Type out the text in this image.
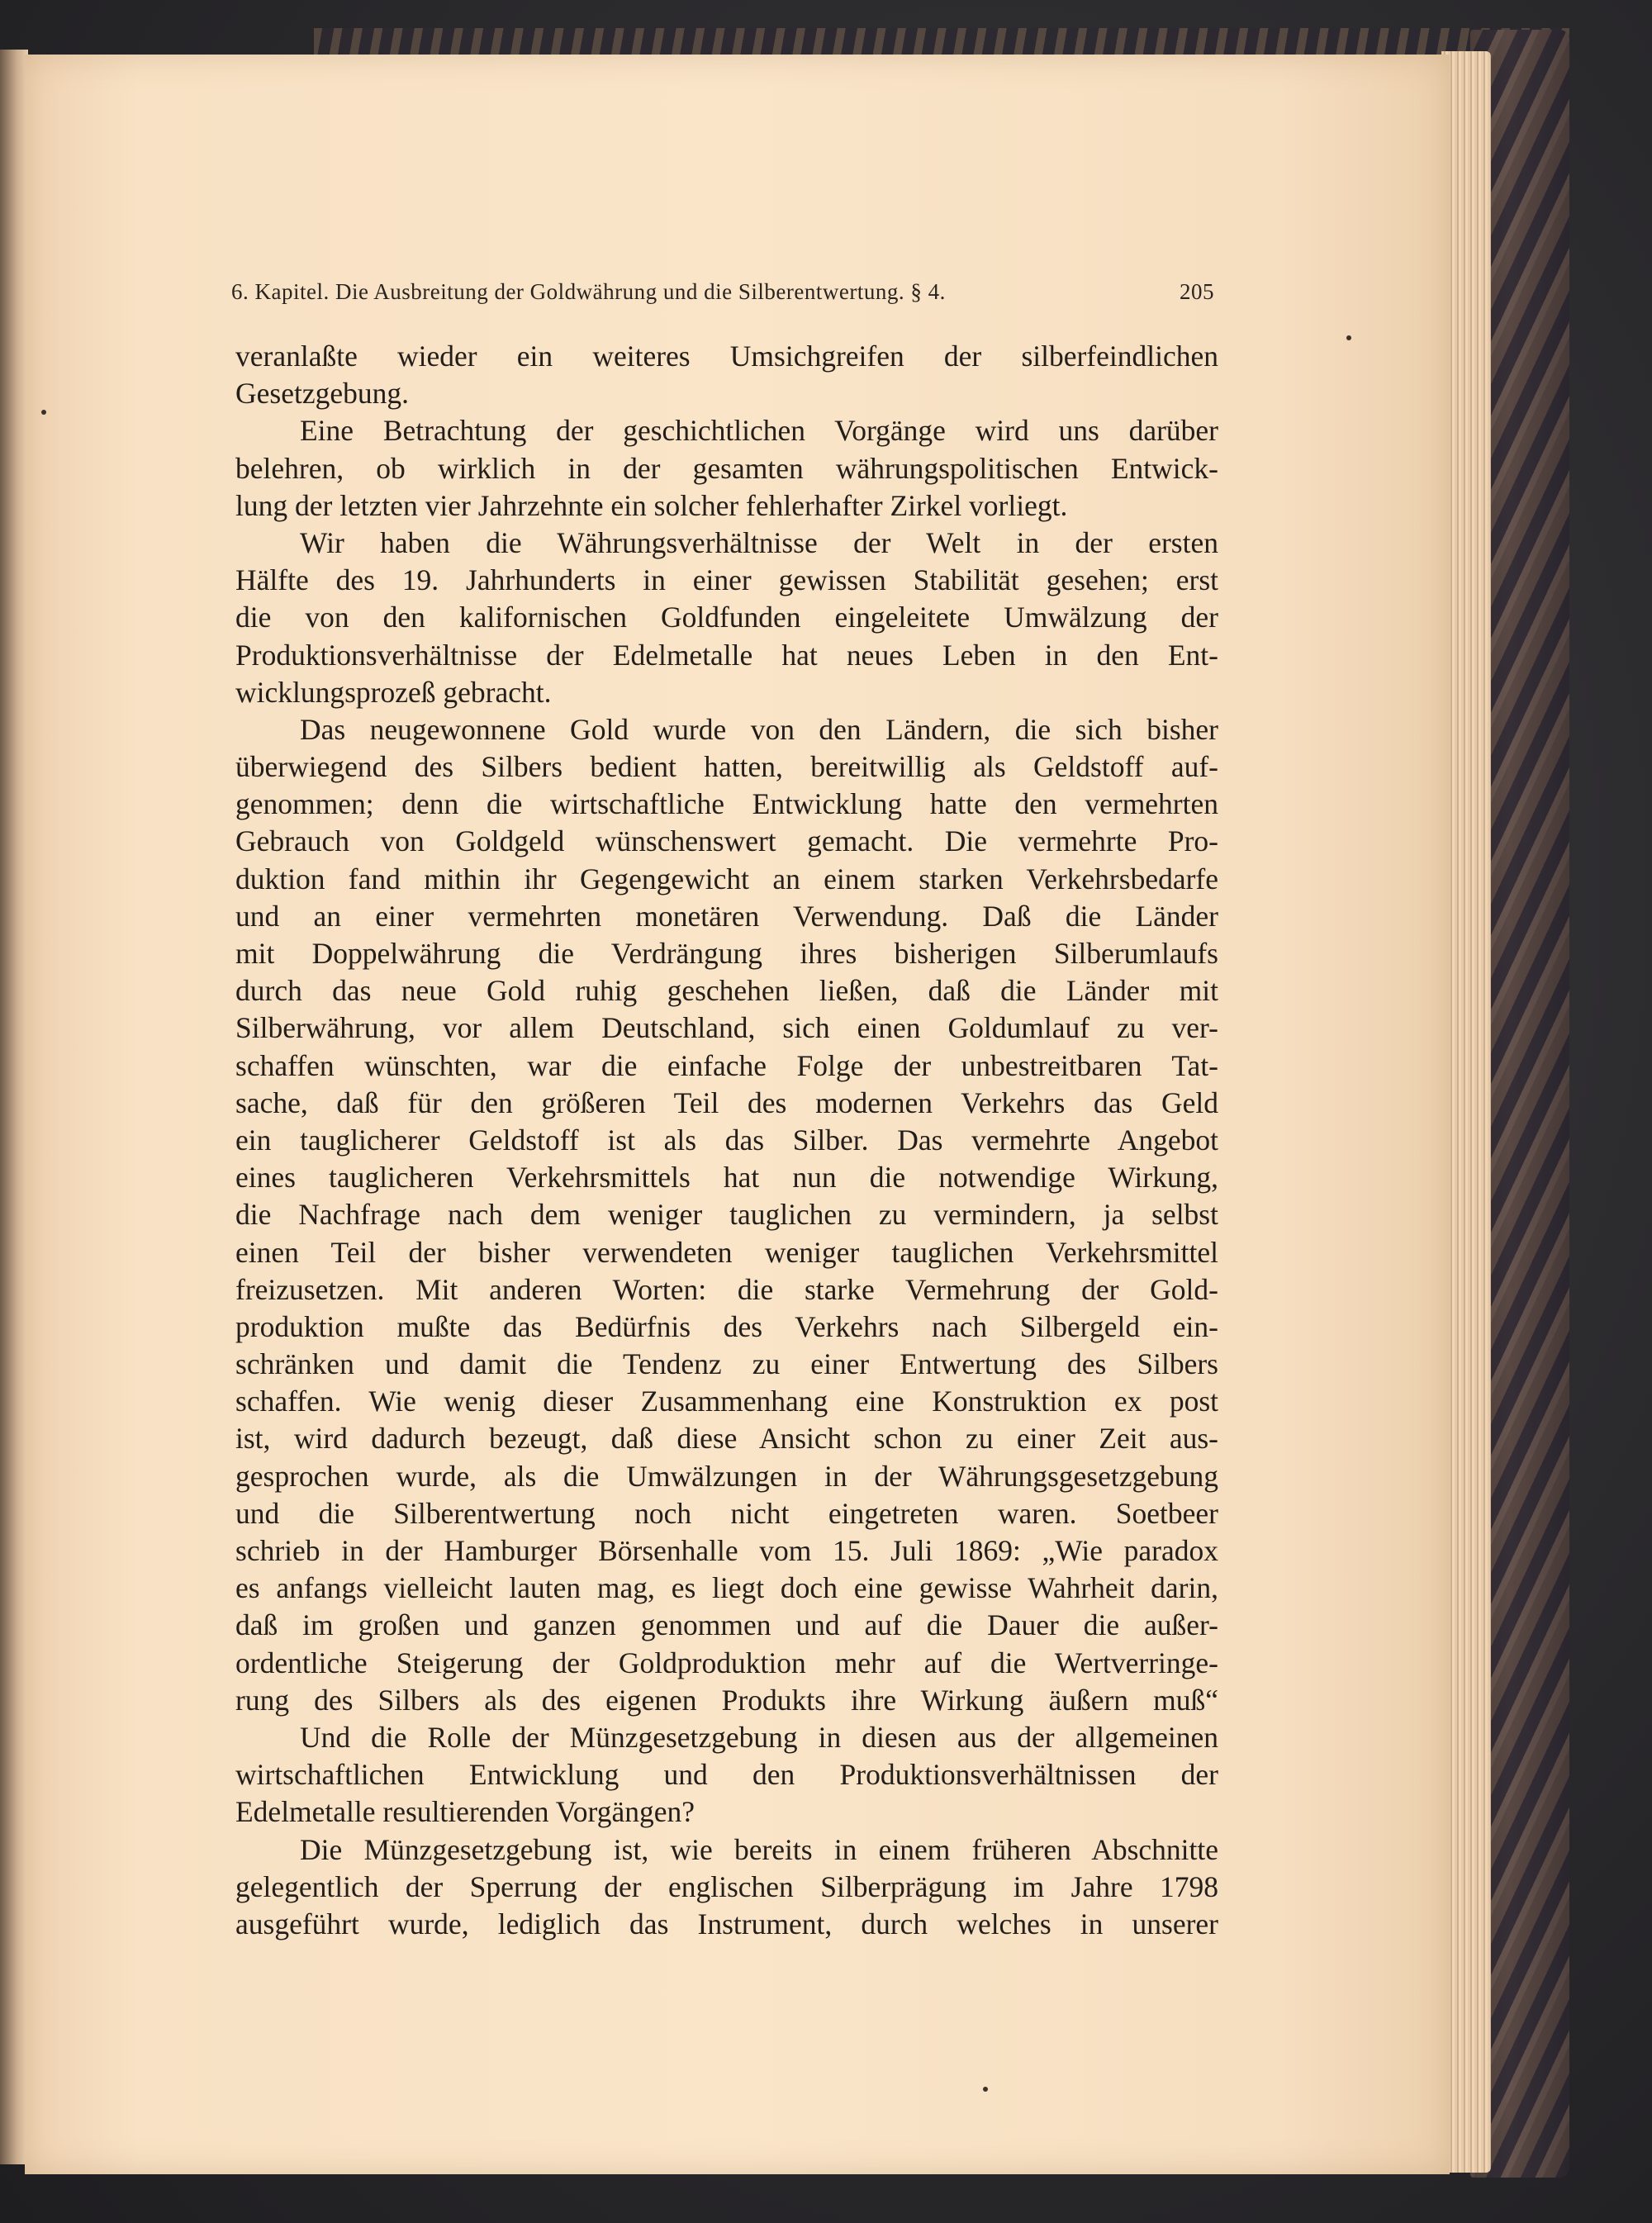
6. Kapitel. Die Ausbreitung der Goldwährung und die Silberentwertung. § 4.	205
veranlaßte wieder ein weiteres Umsichgreifen der silberfeindlichen
Gesetzgebung.
Eine Betrachtung der geschichtlichen Vorgänge wird uns darüber
belehren, ob wirklich in der gesamten währungspolitischen Entwick-
lung der letzten vier Jahrzehnte ein solcher fehlerhafter Zirkel vorliegt.
Wir haben die Währungsverhältnisse der Welt in der ersten
Hälfte des 19. Jahrhunderts in einer gewissen Stabilität gesehen; erst
die von den kalifornischen Goldfunden eingeleitete Umwälzung der
Produktionsverhältnisse der Edelmetalle hat neues Leben in den Ent-
wicklungsprozeß gebracht.
Das neugewonnene Gold wurde von den Ländern, die sich bisher
überwiegend des Silbers bedient hatten, bereitwillig als Geldstoff auf-
genommen; denn die wirtschaftliche Entwicklung hatte den vermehrten
Gebrauch von Goldgeld wünschenswert gemacht. Die vermehrte Pro-
duktion fand mithin ihr Gegengewicht an einem starken Verkehrsbedarfe
und an einer vermehrten monetären Verwendung. Daß die Länder
mit Doppelwährung die Verdrängung ihres bisherigen Silberumlaufs
durch das neue Gold ruhig geschehen ließen, daß die Länder mit
Silberwährung, vor allem Deutschland, sich einen Goldumlauf zu ver-
schaffen wünschten, war die einfache Folge der unbestreitbaren Tat-
sache, daß für den größeren Teil des modernen Verkehrs das Geld
ein tauglicherer Geldstoff ist als das Silber. Das vermehrte Angebot
eines tauglicheren Verkehrsmittels hat nun die notwendige Wirkung,
die Nachfrage nach dem weniger tauglichen zu vermindern, ja selbst
einen Teil der bisher verwendeten weniger tauglichen Verkehrsmittel
freizusetzen. Mit anderen Worten: die starke Vermehrung der Gold-
produktion mußte das Bedürfnis des Verkehrs nach Silbergeld ein-
schränken und damit die Tendenz zu einer Entwertung des Silbers
schaffen. Wie wenig dieser Zusammenhang eine Konstruktion ex post
ist, wird dadurch bezeugt, daß diese Ansicht schon zu einer Zeit aus-
gesprochen wurde, als die Umwälzungen in der Währungsgesetzgebung
und die Silberentwertung noch nicht eingetreten waren. Soetbeer
schrieb in der Hamburger Börsenhalle vom 15. Juli 1869: „Wie paradox
es anfangs vielleicht lauten mag, es liegt doch eine gewisse Wahrheit darin,
daß im großen und ganzen genommen und auf die Dauer die außer-
ordentliche Steigerung der Goldproduktion mehr auf die Wertverringe-
rung des Silbers als des eigenen Produkts ihre Wirkung äußern muß“
Und die Rolle der Münzgesetzgebung in diesen aus der allgemeinen
wirtschaftlichen Entwicklung und den Produktionsverhältnissen der
Edelmetalle resultierenden Vorgängen?
Die Münzgesetzgebung ist, wie bereits in einem früheren Abschnitte
gelegentlich der Sperrung der englischen Silberprägung im Jahre 1798
ausgeführt wurde, lediglich das Instrument, durch welches in unserer
